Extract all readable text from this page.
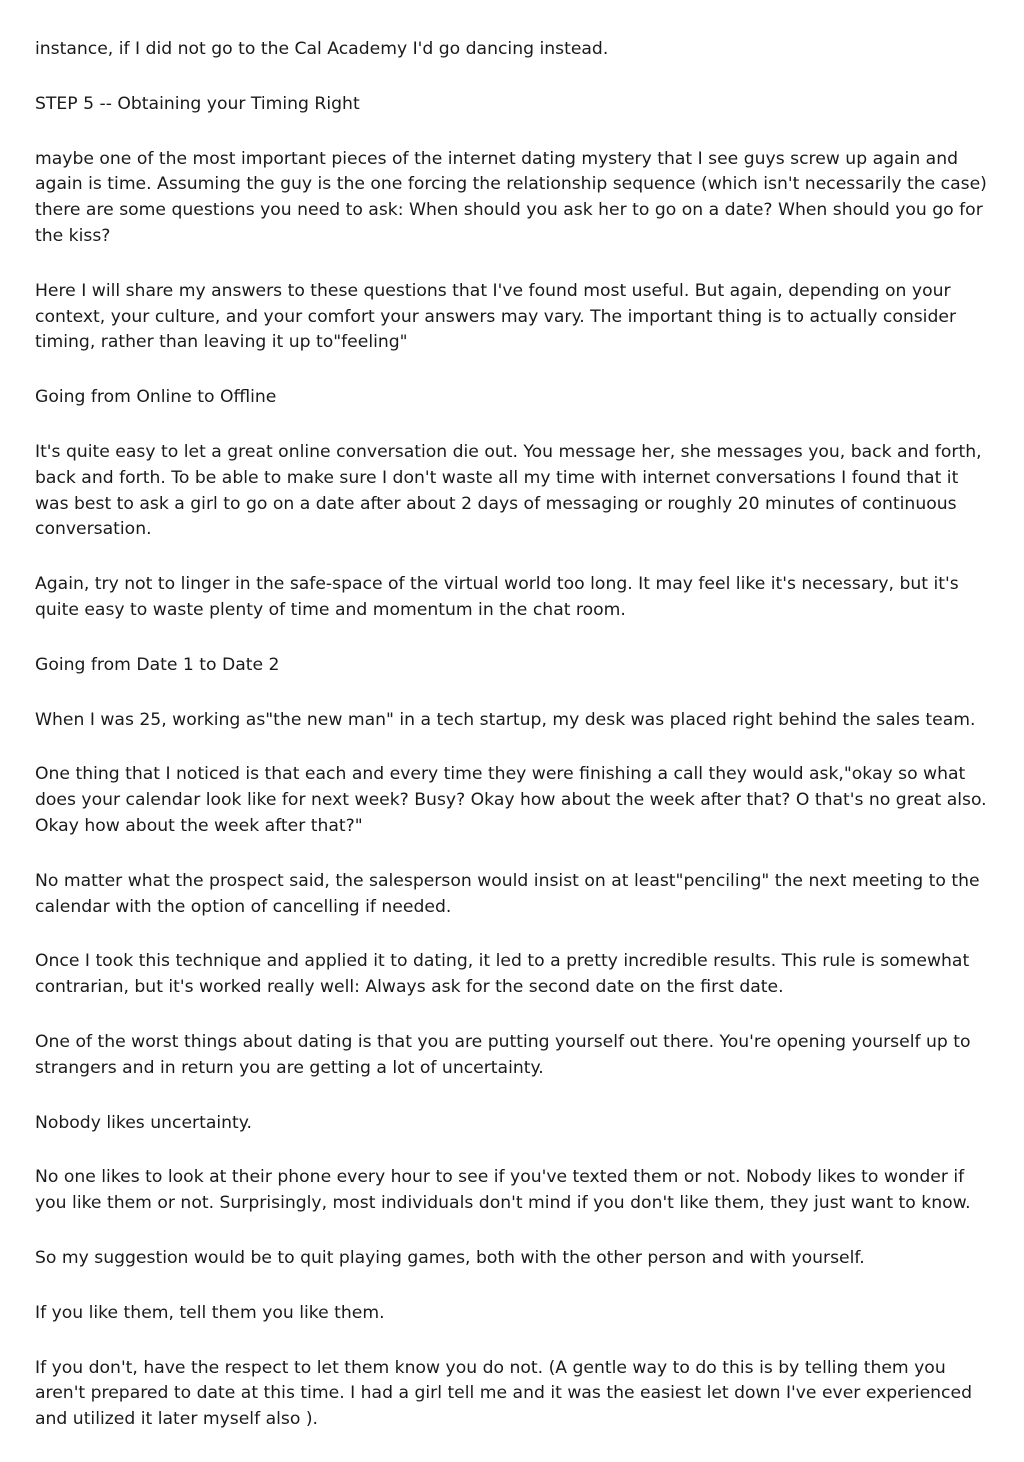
instance, if I did not go to the Cal Academy I'd go dancing instead.

STEP 5 -- Obtaining your Timing Right

maybe one of the most important pieces of the internet dating mystery that I see guys screw up again and again is time. Assuming the guy is the one forcing the relationship sequence (which isn't necessarily the case) there are some questions you need to ask: When should you ask her to go on a date? When should you go for the kiss?

Here I will share my answers to these questions that I've found most useful. But again, depending on your context, your culture, and your comfort your answers may vary. The important thing is to actually consider timing, rather than leaving it up to"feeling"

Going from Online to Offline

It's quite easy to let a great online conversation die out. You message her, she messages you, back and forth, back and forth. To be able to make sure I don't waste all my time with internet conversations I found that it was best to ask a girl to go on a date after about 2 days of messaging or roughly 20 minutes of continuous conversation.

Again, try not to linger in the safe-space of the virtual world too long. It may feel like it's necessary, but it's quite easy to waste plenty of time and momentum in the chat room.

Going from Date 1 to Date 2

When I was 25, working as"the new man" in a tech startup, my desk was placed right behind the sales team.

One thing that I noticed is that each and every time they were finishing a call they would ask,"okay so what does your calendar look like for next week? Busy? Okay how about the week after that? O that's no great also. Okay how about the week after that?"

No matter what the prospect said, the salesperson would insist on at least"penciling" the next meeting to the calendar with the option of cancelling if needed.

Once I took this technique and applied it to dating, it led to a pretty incredible results. This rule is somewhat contrarian, but it's worked really well: Always ask for the second date on the first date.

One of the worst things about dating is that you are putting yourself out there. You're opening yourself up to strangers and in return you are getting a lot of uncertainty.

Nobody likes uncertainty.

No one likes to look at their phone every hour to see if you've texted them or not. Nobody likes to wonder if you like them or not. Surprisingly, most individuals don't mind if you don't like them, they just want to know.

So my suggestion would be to quit playing games, both with the other person and with yourself.

If you like them, tell them you like them.

If you don't, have the respect to let them know you do not. (A gentle way to do this is by telling them you aren't prepared to date at this time. I had a girl tell me and it was the easiest let down I've ever experienced and utilized it later myself also ).
